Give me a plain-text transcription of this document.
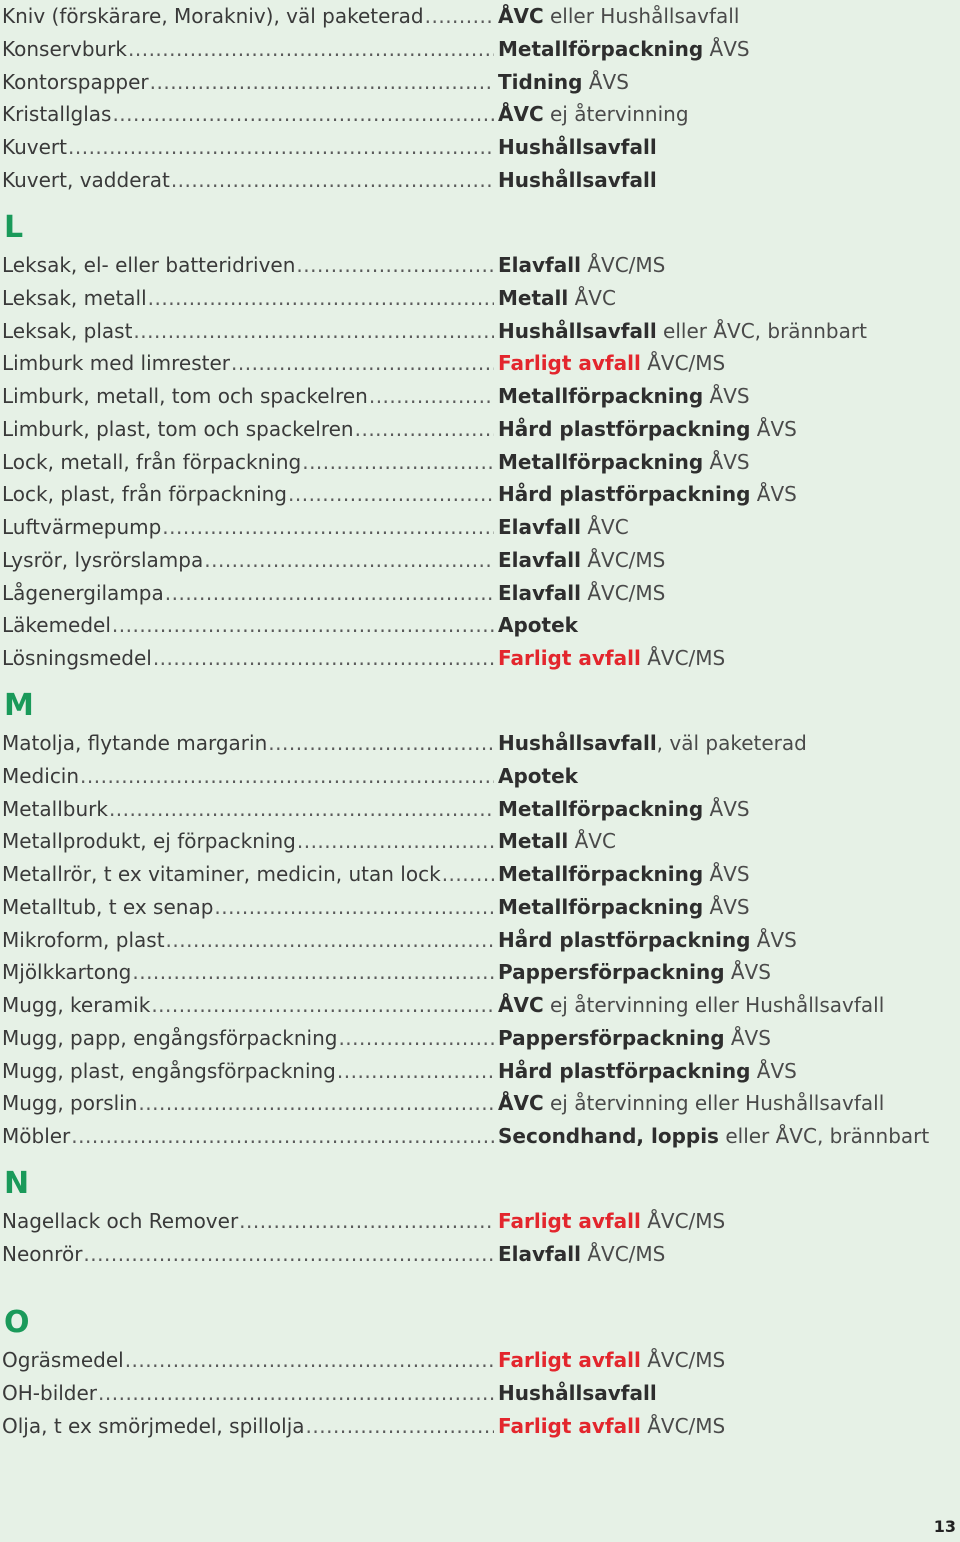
Kniv (förskärare, Morakniv), väl paketerad .....	ÅVC eller Hushållsavfall
Konservburk .....	Metallförpackning ÅVS
Kontorspapper .....	Tidning ÅVS
Kristallglas .....	ÅVC ej återvinning
Kuvert .....	Hushållsavfall
Kuvert, vadderat .....	Hushållsavfall
L
Leksak, el- eller batteridriven .....	Elavfall ÅVC/MS
Leksak, metall .....	Metall ÅVC
Leksak, plast .....	Hushållsavfall eller ÅVC, brännbart
Limburk med limrester .....	Farligt avfall ÅVC/MS
Limburk, metall, tom och spackelren .....	Metallförpackning ÅVS
Limburk, plast, tom och spackelren .....	Hård plastförpackning ÅVS
Lock, metall, från förpackning .....	Metallförpackning ÅVS
Lock, plast, från förpackning .....	Hård plastförpackning ÅVS
Luftvärmepump .....	Elavfall ÅVC
Lysrör, lysrörslampa .....	Elavfall ÅVC/MS
Lågenergilampa .....	Elavfall ÅVC/MS
Läkemedel .....	Apotek
Lösningsmedel .....	Farligt avfall ÅVC/MS
M
Matolja, flytande margarin .....	Hushållsavfall, väl paketerad
Medicin .....	Apotek
Metallburk .....	Metallförpackning ÅVS
Metallprodukt, ej förpackning .....	Metall ÅVC
Metallrör, t ex vitaminer, medicin, utan lock .....	Metallförpackning ÅVS
Metalltub, t ex senap .....	Metallförpackning ÅVS
Mikroform, plast .....	Hård plastförpackning ÅVS
Mjölkkartong .....	Pappersförpackning ÅVS
Mugg, keramik .....	ÅVC ej återvinning eller Hushållsavfall
Mugg, papp, engångsförpackning .....	Pappersförpackning ÅVS
Mugg, plast, engångsförpackning .....	Hård plastförpackning ÅVS
Mugg, porslin .....	ÅVC ej återvinning eller Hushållsavfall
Möbler .....	Secondhand, loppis eller ÅVC, brännbart
N
Nagellack och Remover .....	Farligt avfall ÅVC/MS
Neonrör .....	Elavfall ÅVC/MS
O
Ogräsmedel .....	Farligt avfall ÅVC/MS
OH-bilder .....	Hushållsavfall
Olja, t ex smörjmedel, spillolja .....	Farligt avfall ÅVC/MS
13
